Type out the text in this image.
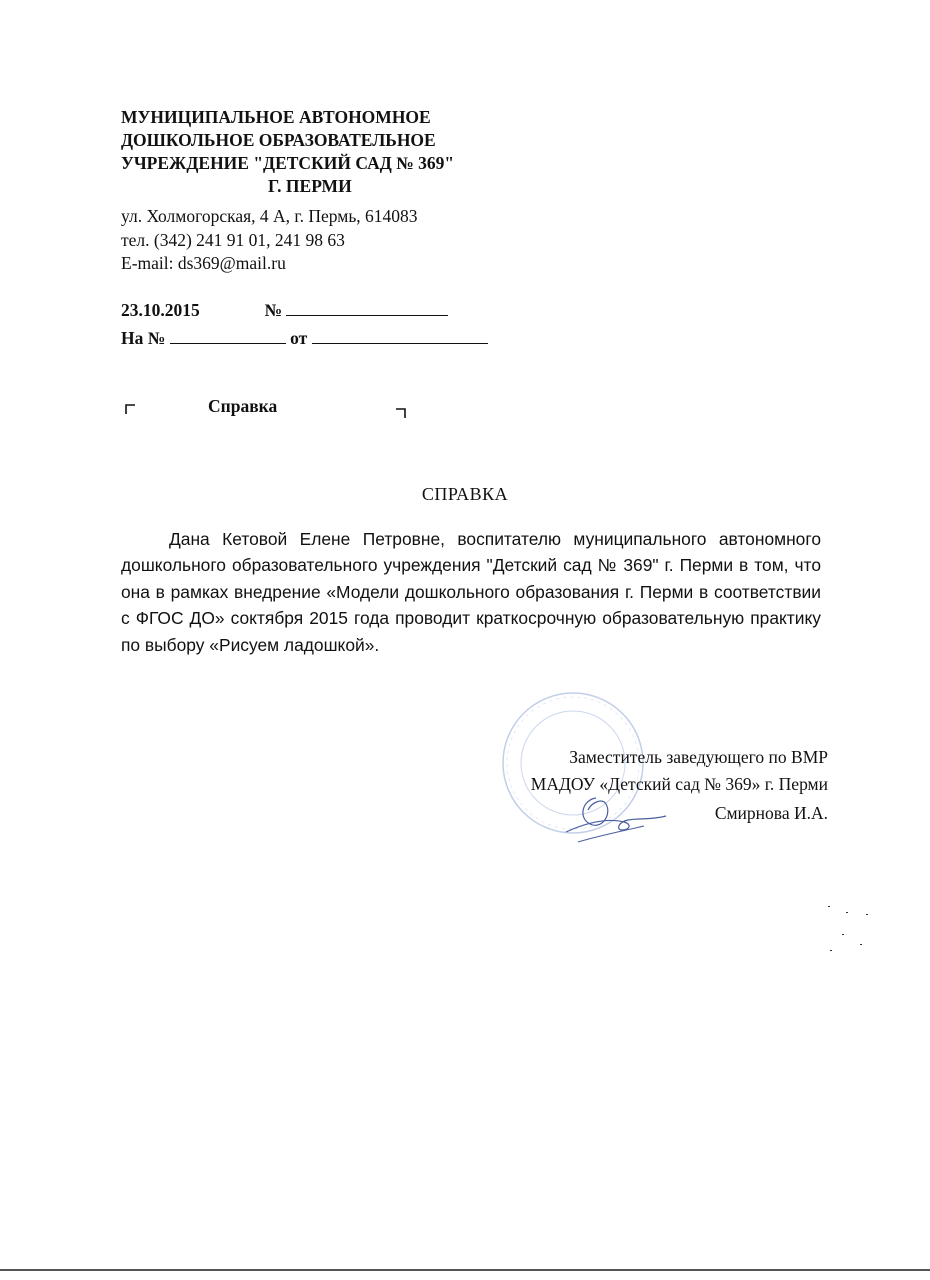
МУНИЦИПАЛЬНОЕ АВТОНОМНОЕ
ДОШКОЛЬНОЕ ОБРАЗОВАТЕЛЬНОЕ
УЧРЕЖДЕНИЕ "ДЕТСКИЙ САД № 369"
Г. ПЕРМИ
ул. Холмогорская, 4 А, г. Пермь, 614083
тел. (342) 241 91 01, 241 98 63
E-mail: ds369@mail.ru
23.10.2015	№
На №	от
Справка
СПРАВКА
Дана Кетовой Елене Петровне, воспитателю муниципального автономного дошкольного образовательного учреждения "Детский сад № 369" г. Перми в том, что она в рамках внедрение «Модели дошкольного образования г. Перми в соответствии с ФГОС ДО» соктября 2015 года проводит краткосрочную образовательную практику по выбору «Рисуем ладошкой».
Заместитель заведующего по ВМР
МАДОУ «Детский сад № 369» г. Перми
Смирнова И.А.
